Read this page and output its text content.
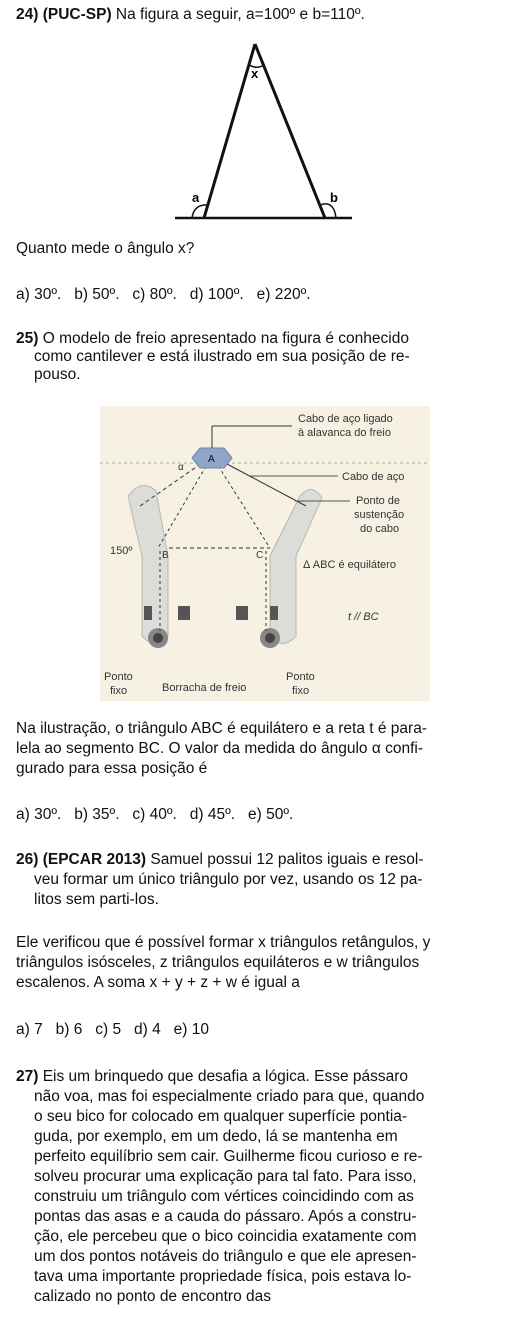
24) (PUC-SP) Na figura a seguir, a=100º e b=110º.
x
a	b
Quanto mede o ângulo x?
a) 30º.   b) 50º.   c) 80º.   d) 100º.   e) 220º.
25) O modelo de freio apresentado na figura é conhecido
como cantilever e está ilustrado em sua posição de re-
pouso.
Cabo de aço ligado
à alavanca do freio
A
α
Cabo de aço
Ponto de
sustenção
do cabo
150º	B	C
Δ ABC é equilátero
t // BC
Ponto
fixo	Borracha de freio
Ponto
fixo
Na ilustração, o triângulo ABC é equilátero e a reta t é para-
lela ao segmento BC. O valor da medida do ângulo α confi-
gurado para essa posição é
a) 30º.   b) 35º.   c) 40º.   d) 45º.   e) 50º.
26) (EPCAR 2013) Samuel possui 12 palitos iguais e resol-
veu formar um único triângulo por vez, usando os 12 pa-
litos sem parti-los.
Ele verificou que é possível formar x triângulos retângulos, y
triângulos isósceles, z triângulos equiláteros e w triângulos
escalenos. A soma x + y + z + w é igual a
a) 7   b) 6   c) 5   d) 4   e) 10
27) Eis um brinquedo que desafia a lógica. Esse pássaro
não voa, mas foi especialmente criado para que, quando
o seu bico for colocado em qualquer superfície pontia-
guda, por exemplo, em um dedo, lá se mantenha em
perfeito equilíbrio sem cair. Guilherme ficou curioso e re-
solveu procurar uma explicação para tal fato. Para isso,
construiu um triângulo com vértices coincidindo com as
pontas das asas e a cauda do pássaro. Após a constru-
ção, ele percebeu que o bico coincidia exatamente com
um dos pontos notáveis do triângulo e que ele apresen-
tava uma importante propriedade física, pois estava lo-
calizado no ponto de encontro das
